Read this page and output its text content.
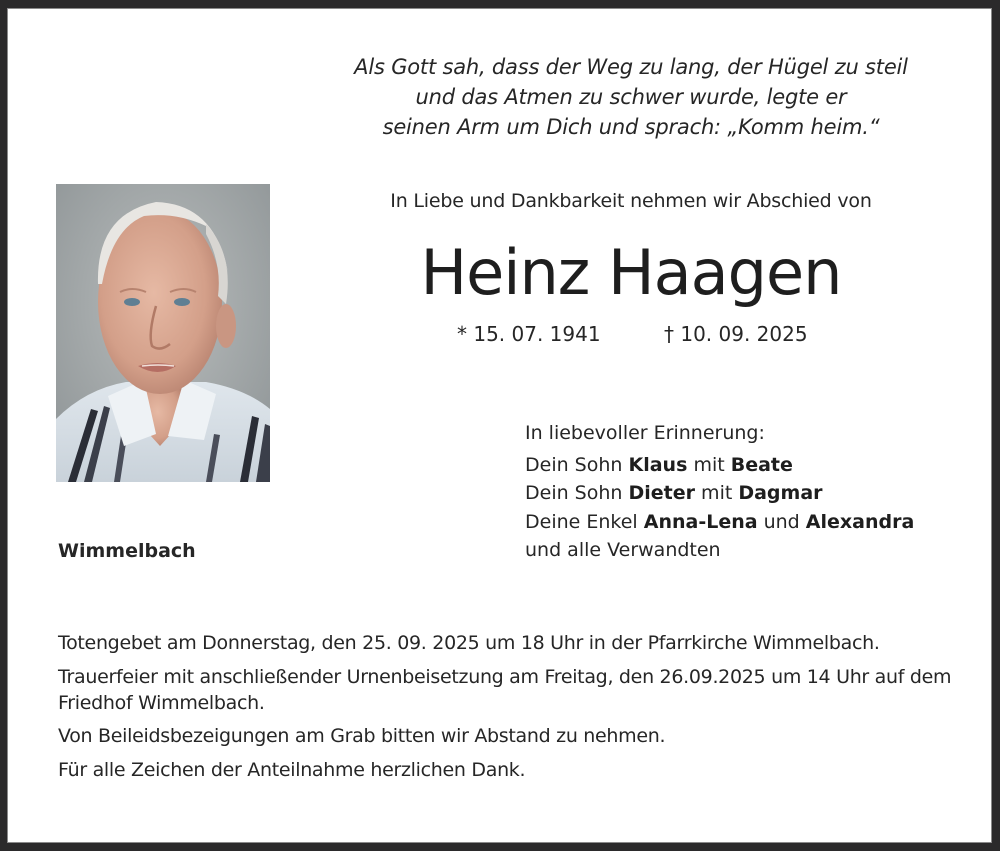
Als Gott sah, dass der Weg zu lang, der Hügel zu steil
und das Atmen zu schwer wurde, legte er
seinen Arm um Dich und sprach: „Komm heim.“
In Liebe und Dankbarkeit nehmen wir Abschied von
Heinz Haagen
* 15. 07. 1941	† 10. 09. 2025
Wimmelbach
In liebevoller Erinnerung:
Dein Sohn Klaus mit Beate
Dein Sohn Dieter mit Dagmar
Deine Enkel Anna-Lena und Alexandra
und alle Verwandten

Totengebet am Donnerstag, den 25. 09. 2025 um 18 Uhr in der Pfarrkirche Wimmelbach.

Trauerfeier mit anschließender Urnenbeisetzung am Freitag, den 26.09.2025 um 14 Uhr auf dem Friedhof Wimmelbach.

Von Beileidsbezeigungen am Grab bitten wir Abstand zu nehmen.

Für alle Zeichen der Anteilnahme herzlichen Dank.
